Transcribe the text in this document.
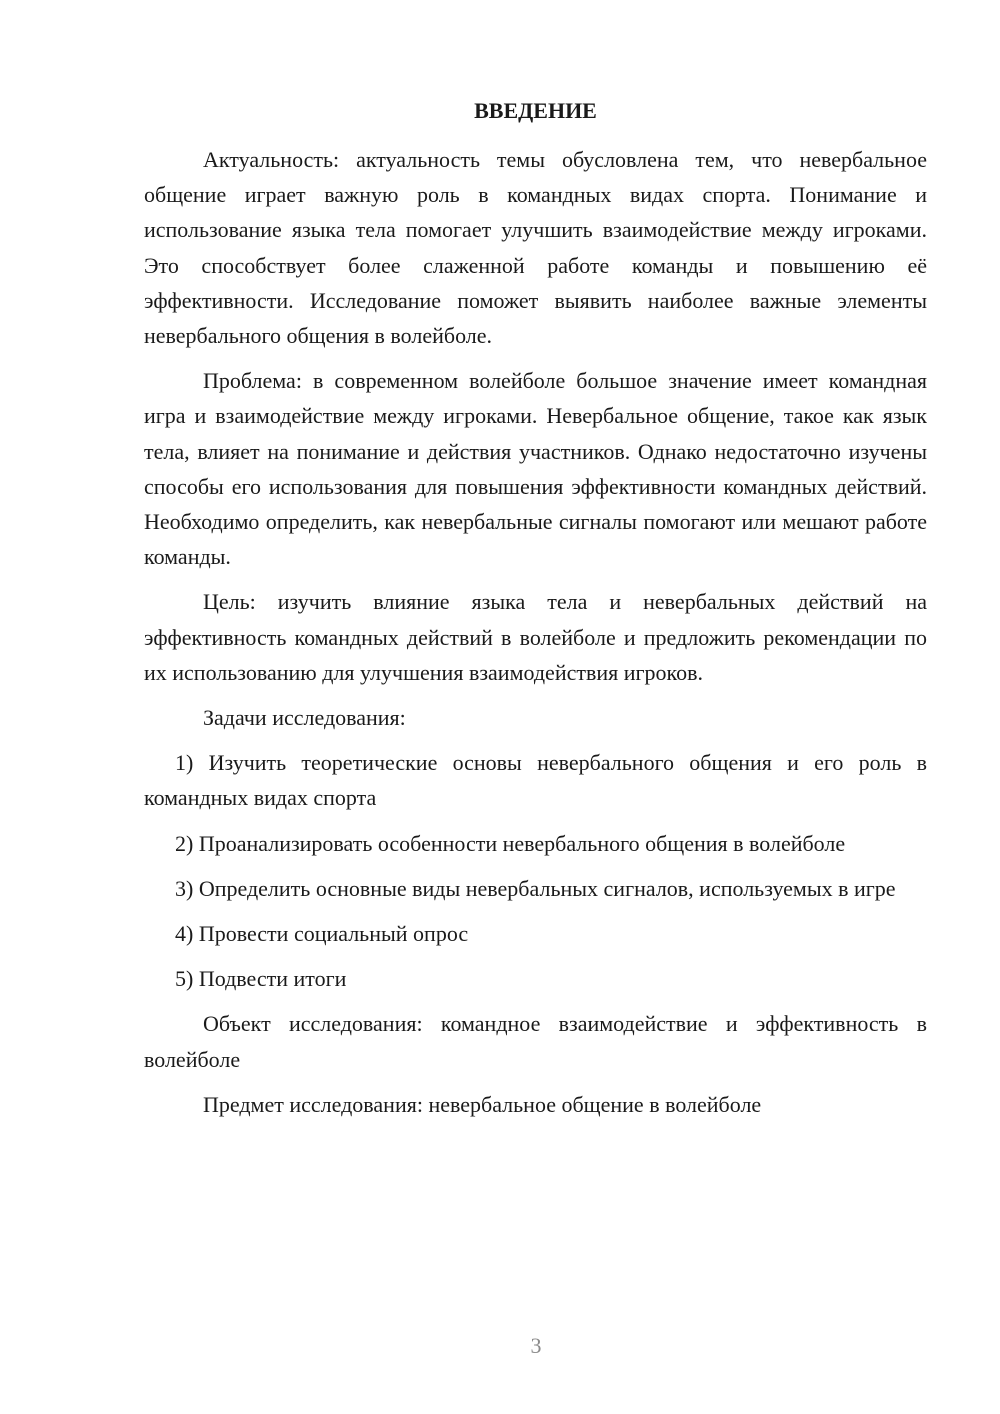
ВВЕДЕНИЕ

Актуальность: актуальность темы обусловлена тем, что невербальное общение играет важную роль в командных видах спорта. Понимание и использование языка тела помогает улучшить взаимодействие между игроками. Это способствует более слаженной работе команды и повышению её эффективности. Исследование поможет выявить наиболее важные элементы невербального общения в волейболе.

Проблема: в современном волейболе большое значение имеет командная игра и взаимодействие между игроками. Невербальное общение, такое как язык тела, влияет на понимание и действия участников. Однако недостаточно изучены способы его использования для повышения эффективности командных действий. Необходимо определить, как невербальные сигналы помогают или мешают работе команды.

Цель: изучить влияние языка тела и невербальных действий на эффективность командных действий в волейболе и предложить рекомендации по их использованию для улучшения взаимодействия игроков.

Задачи исследования:

1) Изучить теоретические основы невербального общения и его роль в командных видах спорта

2) Проанализировать особенности невербального общения в волейболе

3) Определить основные виды невербальных сигналов, используемых в игре

4) Провести социальный опрос

5) Подвести итоги

Объект исследования: командное взаимодействие и эффективность в волейболе

Предмет исследования: невербальное общение в волейболе

3
